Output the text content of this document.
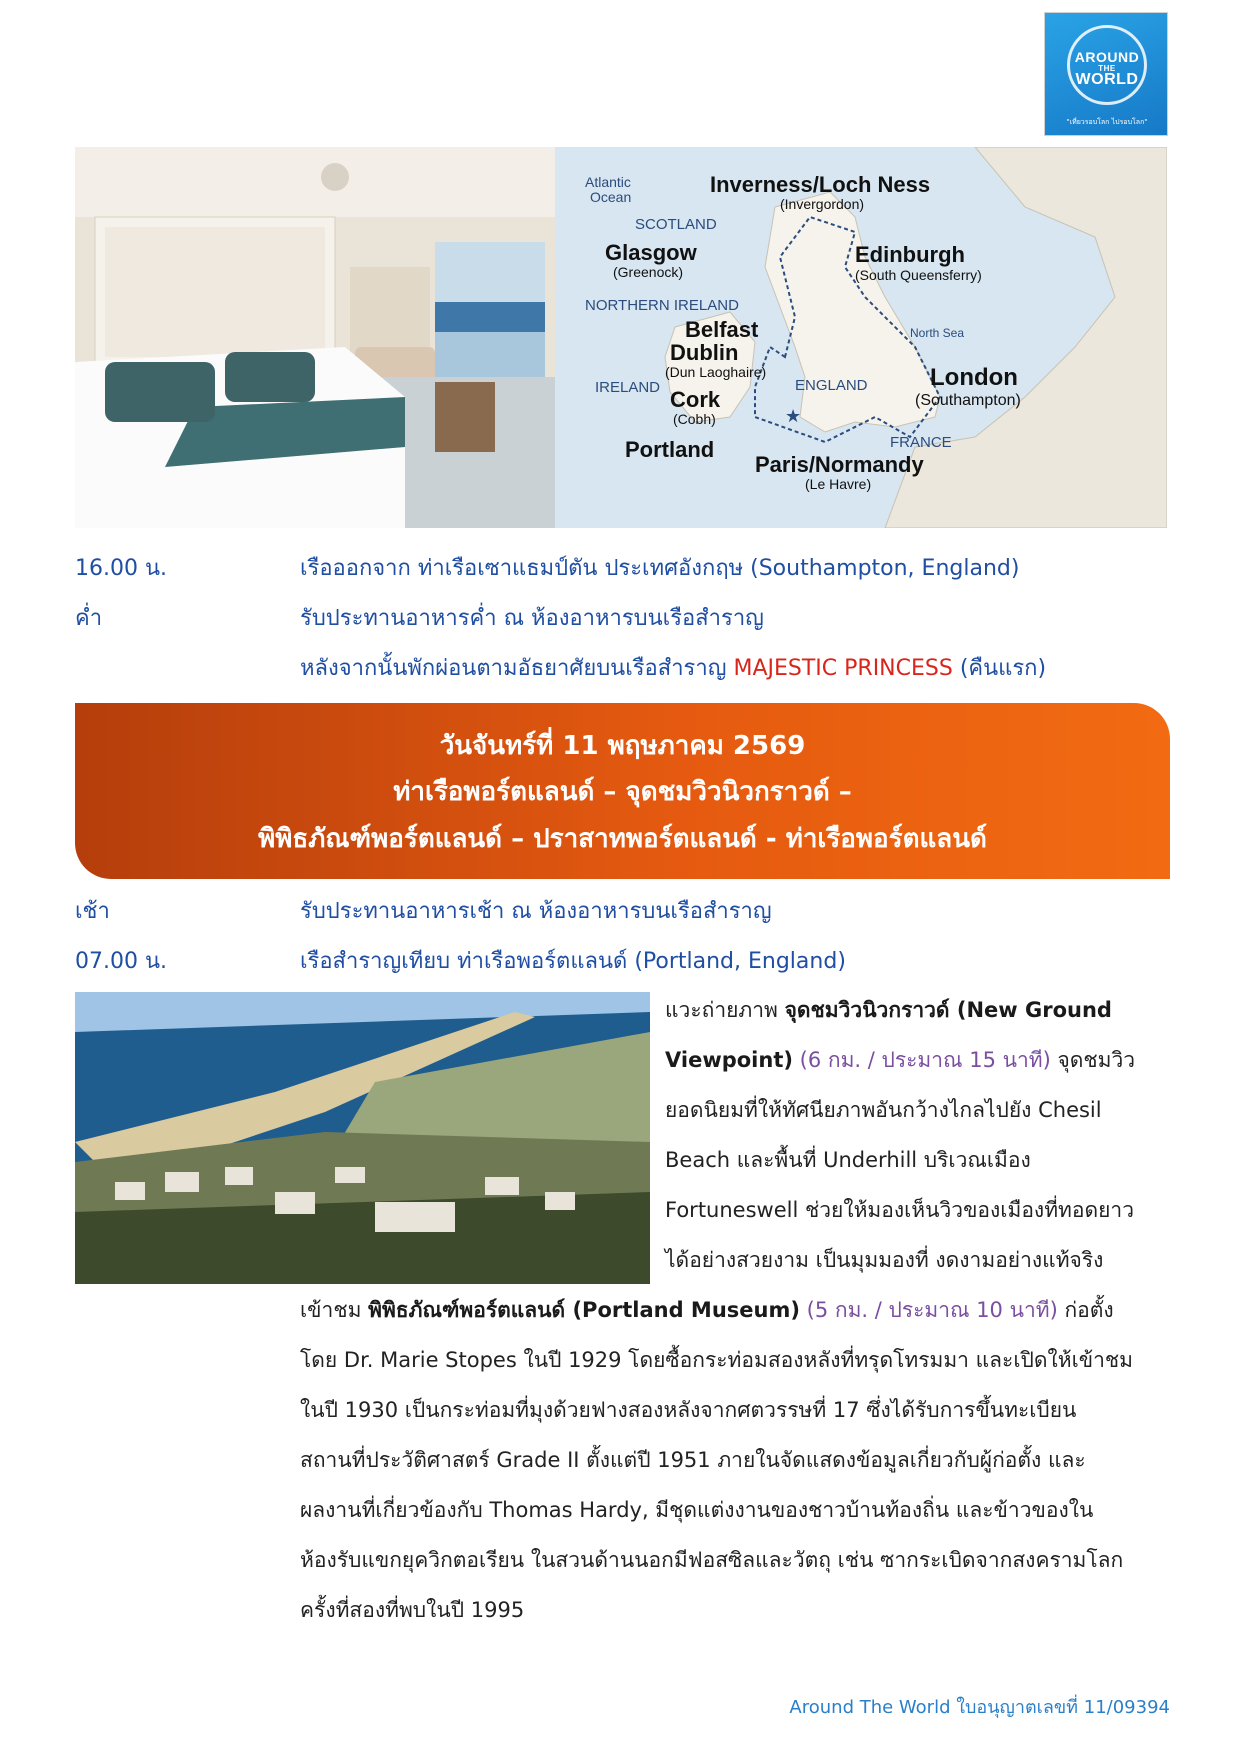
AROUND
THE
WORLD
"เที่ยวรอบโลก ไปรอบโลก"
Atlantic
Ocean	Inverness/Loch Ness
(Invergordon)
SCOTLAND
Glasgow
(Greenock)
Edinburgh
(South Queensferry)
NORTHERN IRELAND
Belfast	North Sea
Dublin
(Dun Laoghaire)
IRELAND	ENGLAND	London
(Southampton)
Cork
(Cobh)
FRANCE
Portland
Paris/Normandy
(Le Havre)
★
16.00 น.	เรือออกจาก ท่าเรือเซาแธมป์ตัน ประเทศอังกฤษ (Southampton, England)
ค่ำ	รับประทานอาหารค่ำ ณ ห้องอาหารบนเรือสำราญ
หลังจากนั้นพักผ่อนตามอัธยาศัยบนเรือสำราญ MAJESTIC PRINCESS (คืนแรก)
วันจันทร์ที่ 11 พฤษภาคม 2569
ท่าเรือพอร์ตแลนด์ – จุดชมวิวนิวกราวด์ –
พิพิธภัณฑ์พอร์ตแลนด์ – ปราสาทพอร์ตแลนด์ - ท่าเรือพอร์ตแลนด์
เช้า	รับประทานอาหารเช้า ณ ห้องอาหารบนเรือสำราญ
07.00 น.	เรือสำราญเทียบ ท่าเรือพอร์ตแลนด์ (Portland, England)
แวะถ่ายภาพ จุดชมวิวนิวกราวด์ (New Ground
Viewpoint) (6 กม. / ประมาณ 15 นาที) จุดชมวิว
ยอดนิยมที่ให้ทัศนียภาพอันกว้างไกลไปยัง Chesil
Beach และพื้นที่ Underhill บริเวณเมือง
Fortuneswell ช่วยให้มองเห็นวิวของเมืองที่ทอดยาว
ได้อย่างสวยงาม เป็นมุมมองที่ งดงามอย่างแท้จริง
เข้าชม พิพิธภัณฑ์พอร์ตแลนด์ (Portland Museum) (5 กม. / ประมาณ 10 นาที) ก่อตั้ง
โดย Dr. Marie Stopes ในปี 1929 โดยซื้อกระท่อมสองหลังที่ทรุดโทรมมา และเปิดให้เข้าชม
ในปี 1930 เป็นกระท่อมที่มุงด้วยฟางสองหลังจากศตวรรษที่ 17 ซึ่งได้รับการขึ้นทะเบียน
สถานที่ประวัติศาสตร์ Grade II ตั้งแต่ปี 1951 ภายในจัดแสดงข้อมูลเกี่ยวกับผู้ก่อตั้ง และ
ผลงานที่เกี่ยวข้องกับ Thomas Hardy, มีชุดแต่งงานของชาวบ้านท้องถิ่น และข้าวของใน
ห้องรับแขกยุควิกตอเรียน ในสวนด้านนอกมีฟอสซิลและวัตถุ เช่น ซากระเบิดจากสงครามโลก
ครั้งที่สองที่พบในปี 1995
Around The World ใบอนุญาตเลขที่ 11/09394
